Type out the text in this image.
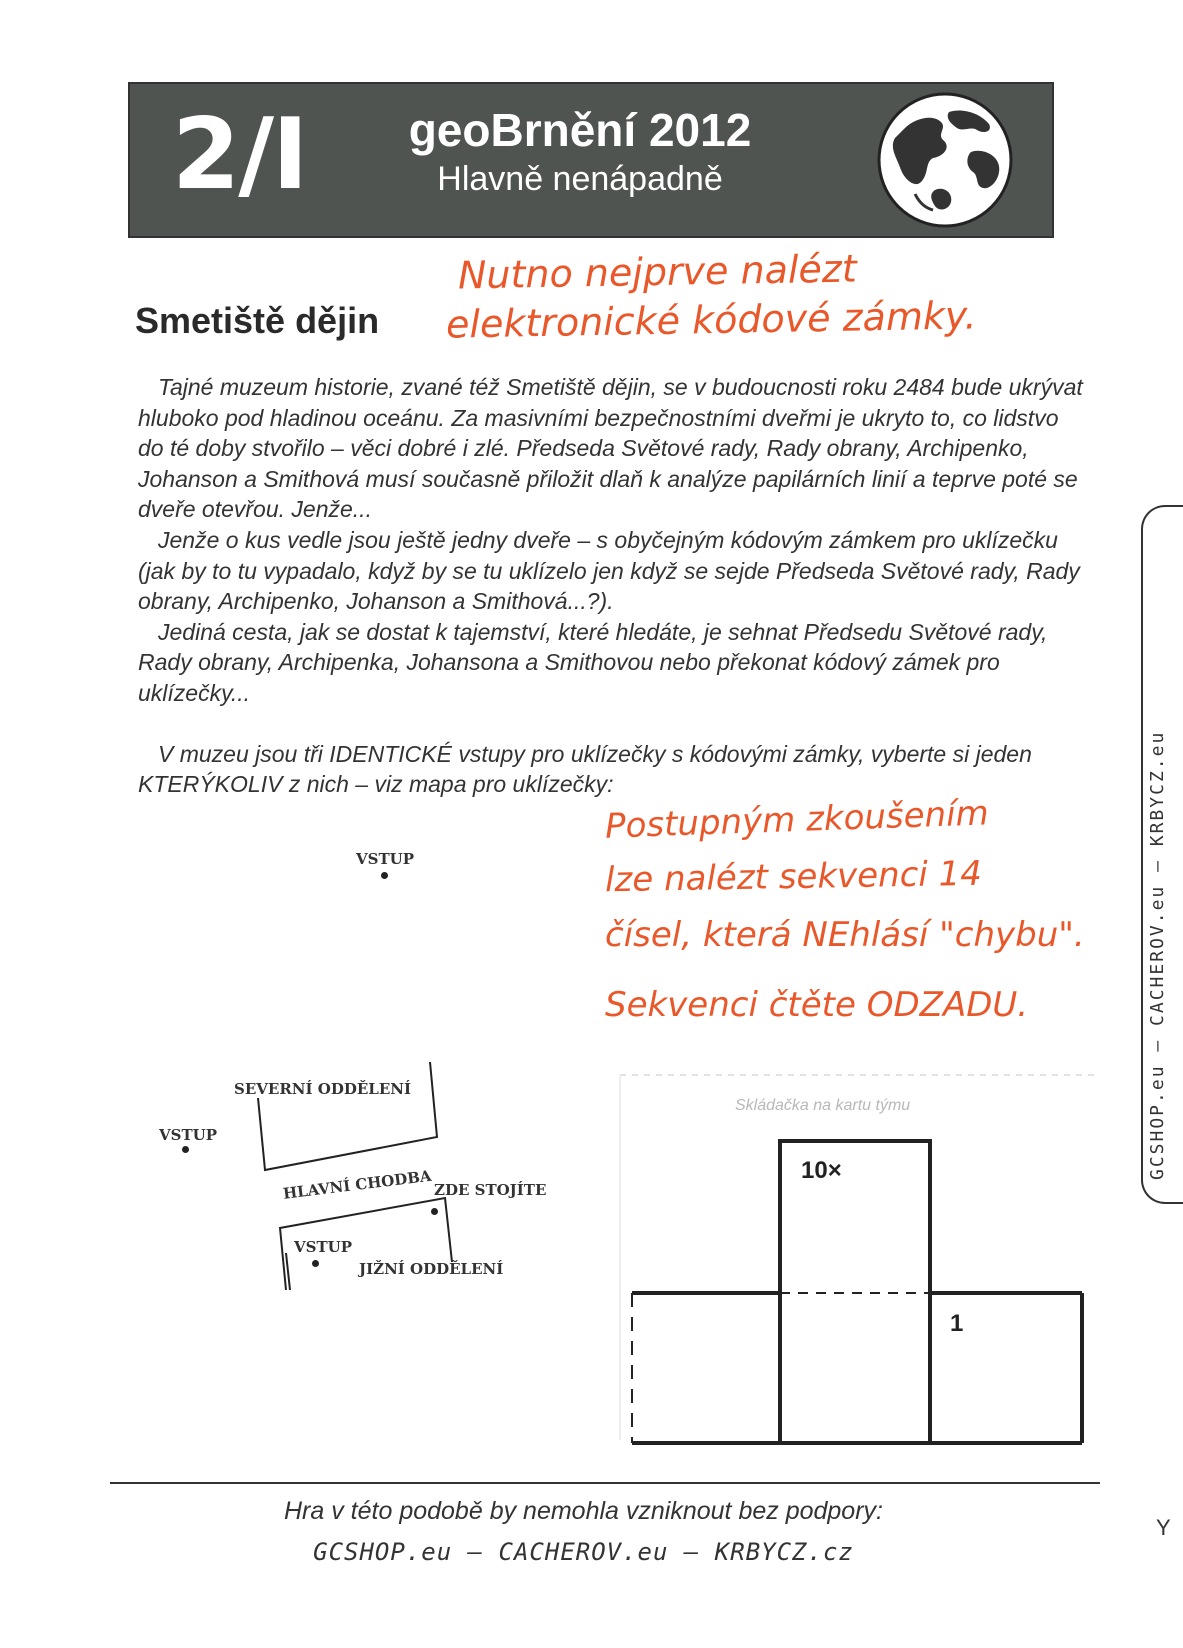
2/I geoBrnění 2012
Hlavně nenápadně
Smetiště dějin
Nutno nejprve nalézt
elektronické kódové zámky.

Tajné muzeum historie, zvané též Smetiště dějin, se v budoucnosti roku 2484 bude ukrývat hluboko pod hladinou oceánu. Za masivními bezpečnostními dveřmi je ukryto to, co lidstvo do té doby stvořilo – věci dobré i zlé. Předseda Světové rady, Rady obrany, Archipenko, Johanson a Smithová musí současně přiložit dlaň k analýze papilárních linií a teprve poté se dveře otevřou. Jenže...

Jenže o kus vedle jsou ještě jedny dveře – s obyčejným kódovým zámkem pro uklízečku (jak by to tu vypadalo, když by se tu uklízelo jen když se sejde Předseda Světové rady, Rady obrany, Archipenko, Johanson a Smithová...?).

Jediná cesta, jak se dostat k tajemství, které hledáte, je sehnat Předsedu Světové rady, Rady obrany, Archipenka, Johansona a Smithovou nebo překonat kódový zámek pro uklízečky...

V muzeu jsou tři IDENTICKÉ vstupy pro uklízečky s kódovými zámky, vyberte si jeden KTERÝKOLIV z nich – viz mapa pro uklízečky:

Postupným zkoušením
lze nalézt sekvenci 14
čísel, která NEhlásí "chybu".
Sekvenci čtěte ODZADU.
VSTUP
SEVERNÍ ODDĚLENÍ
VSTUP
HLAVNÍ CHODBA ZDE STOJÍTE
VSTUP
JIŽNÍ ODDĚLENÍ
Skládačka na kartu týmu
10×
1
GCSHOP.eu – CACHEROV.eu – KRBYCZ.eu
Hra v této podobě by nemohla vzniknout bez podpory:
GCSHOP.eu – CACHEROV.eu – KRBYCZ.cz
Y
